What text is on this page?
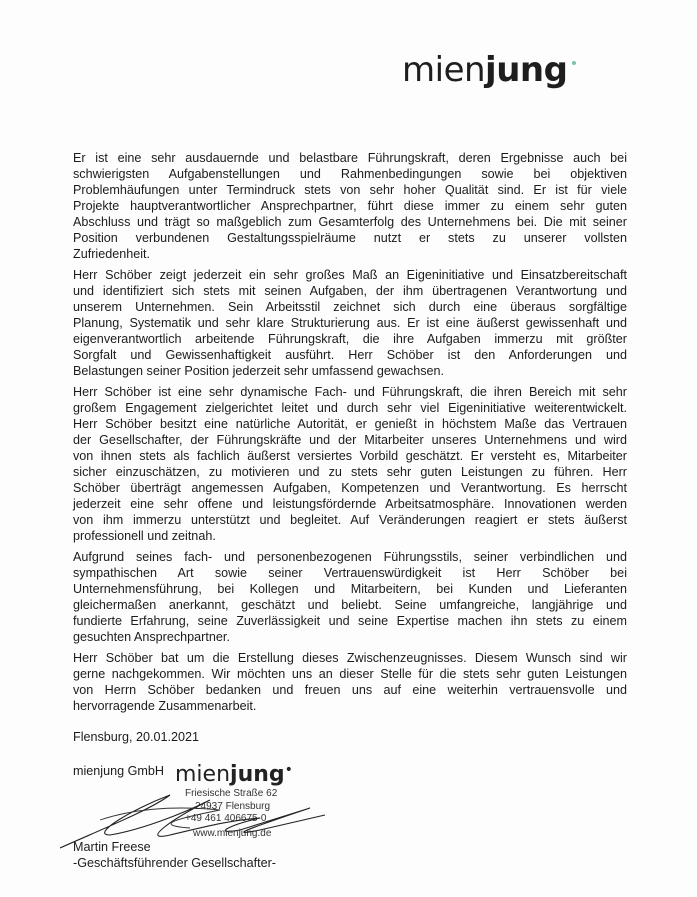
mienjung
Er ist eine sehr ausdauernde und belastbare Führungskraft, deren Ergebnisse auch bei
schwierigsten Aufgabenstellungen und Rahmenbedingungen sowie bei objektiven
Problemhäufungen unter Termindruck stets von sehr hoher Qualität sind. Er ist für viele
Projekte hauptverantwortlicher Ansprechpartner, führt diese immer zu einem sehr guten
Abschluss und trägt so maßgeblich zum Gesamterfolg des Unternehmens bei. Die mit seiner
Position verbundenen Gestaltungsspielräume nutzt er stets zu unserer vollsten
Zufriedenheit.
Herr Schöber zeigt jederzeit ein sehr großes Maß an Eigeninitiative und Einsatzbereitschaft
und identifiziert sich stets mit seinen Aufgaben, der ihm übertragenen Verantwortung und
unserem Unternehmen. Sein Arbeitsstil zeichnet sich durch eine überaus sorgfältige
Planung, Systematik und sehr klare Strukturierung aus. Er ist eine äußerst gewissenhaft und
eigenverantwortlich arbeitende Führungskraft, die ihre Aufgaben immerzu mit größter
Sorgfalt und Gewissenhaftigkeit ausführt. Herr Schöber ist den Anforderungen und
Belastungen seiner Position jederzeit sehr umfassend gewachsen.
Herr Schöber ist eine sehr dynamische Fach- und Führungskraft, die ihren Bereich mit sehr
großem Engagement zielgerichtet leitet und durch sehr viel Eigeninitiative weiterentwickelt.
Herr Schöber besitzt eine natürliche Autorität, er genießt in höchstem Maße das Vertrauen
der Gesellschafter, der Führungskräfte und der Mitarbeiter unseres Unternehmens und wird
von ihnen stets als fachlich äußerst versiertes Vorbild geschätzt. Er versteht es, Mitarbeiter
sicher einzuschätzen, zu motivieren und zu stets sehr guten Leistungen zu führen. Herr
Schöber überträgt angemessen Aufgaben, Kompetenzen und Verantwortung. Es herrscht
jederzeit eine sehr offene und leistungsfördernde Arbeitsatmosphäre. Innovationen werden
von ihm immerzu unterstützt und begleitet. Auf Veränderungen reagiert er stets äußerst
professionell und zeitnah.
Aufgrund seines fach- und personenbezogenen Führungsstils, seiner verbindlichen und
sympathischen Art sowie seiner Vertrauenswürdigkeit ist Herr Schöber bei
Unternehmensführung, bei Kollegen und Mitarbeitern, bei Kunden und Lieferanten
gleichermaßen anerkannt, geschätzt und beliebt. Seine umfangreiche, langjährige und
fundierte Erfahrung, seine Zuverlässigkeit und seine Expertise machen ihn stets zu einem
gesuchten Ansprechpartner.
Herr Schöber bat um die Erstellung dieses Zwischenzeugnisses. Diesem Wunsch sind wir
gerne nachgekommen. Wir möchten uns an dieser Stelle für die stets sehr guten Leistungen
von Herrn Schöber bedanken und freuen uns auf eine weiterhin vertrauensvolle und
hervorragende Zusammenarbeit.
Flensburg, 20.01.2021
mienjung GmbH mienjung•
Friesische Straße 62
24937 Flensburg
+49 461 406675-0
www.mienjung.de
Martin Freese
-Geschäftsführender Gesellschafter-
